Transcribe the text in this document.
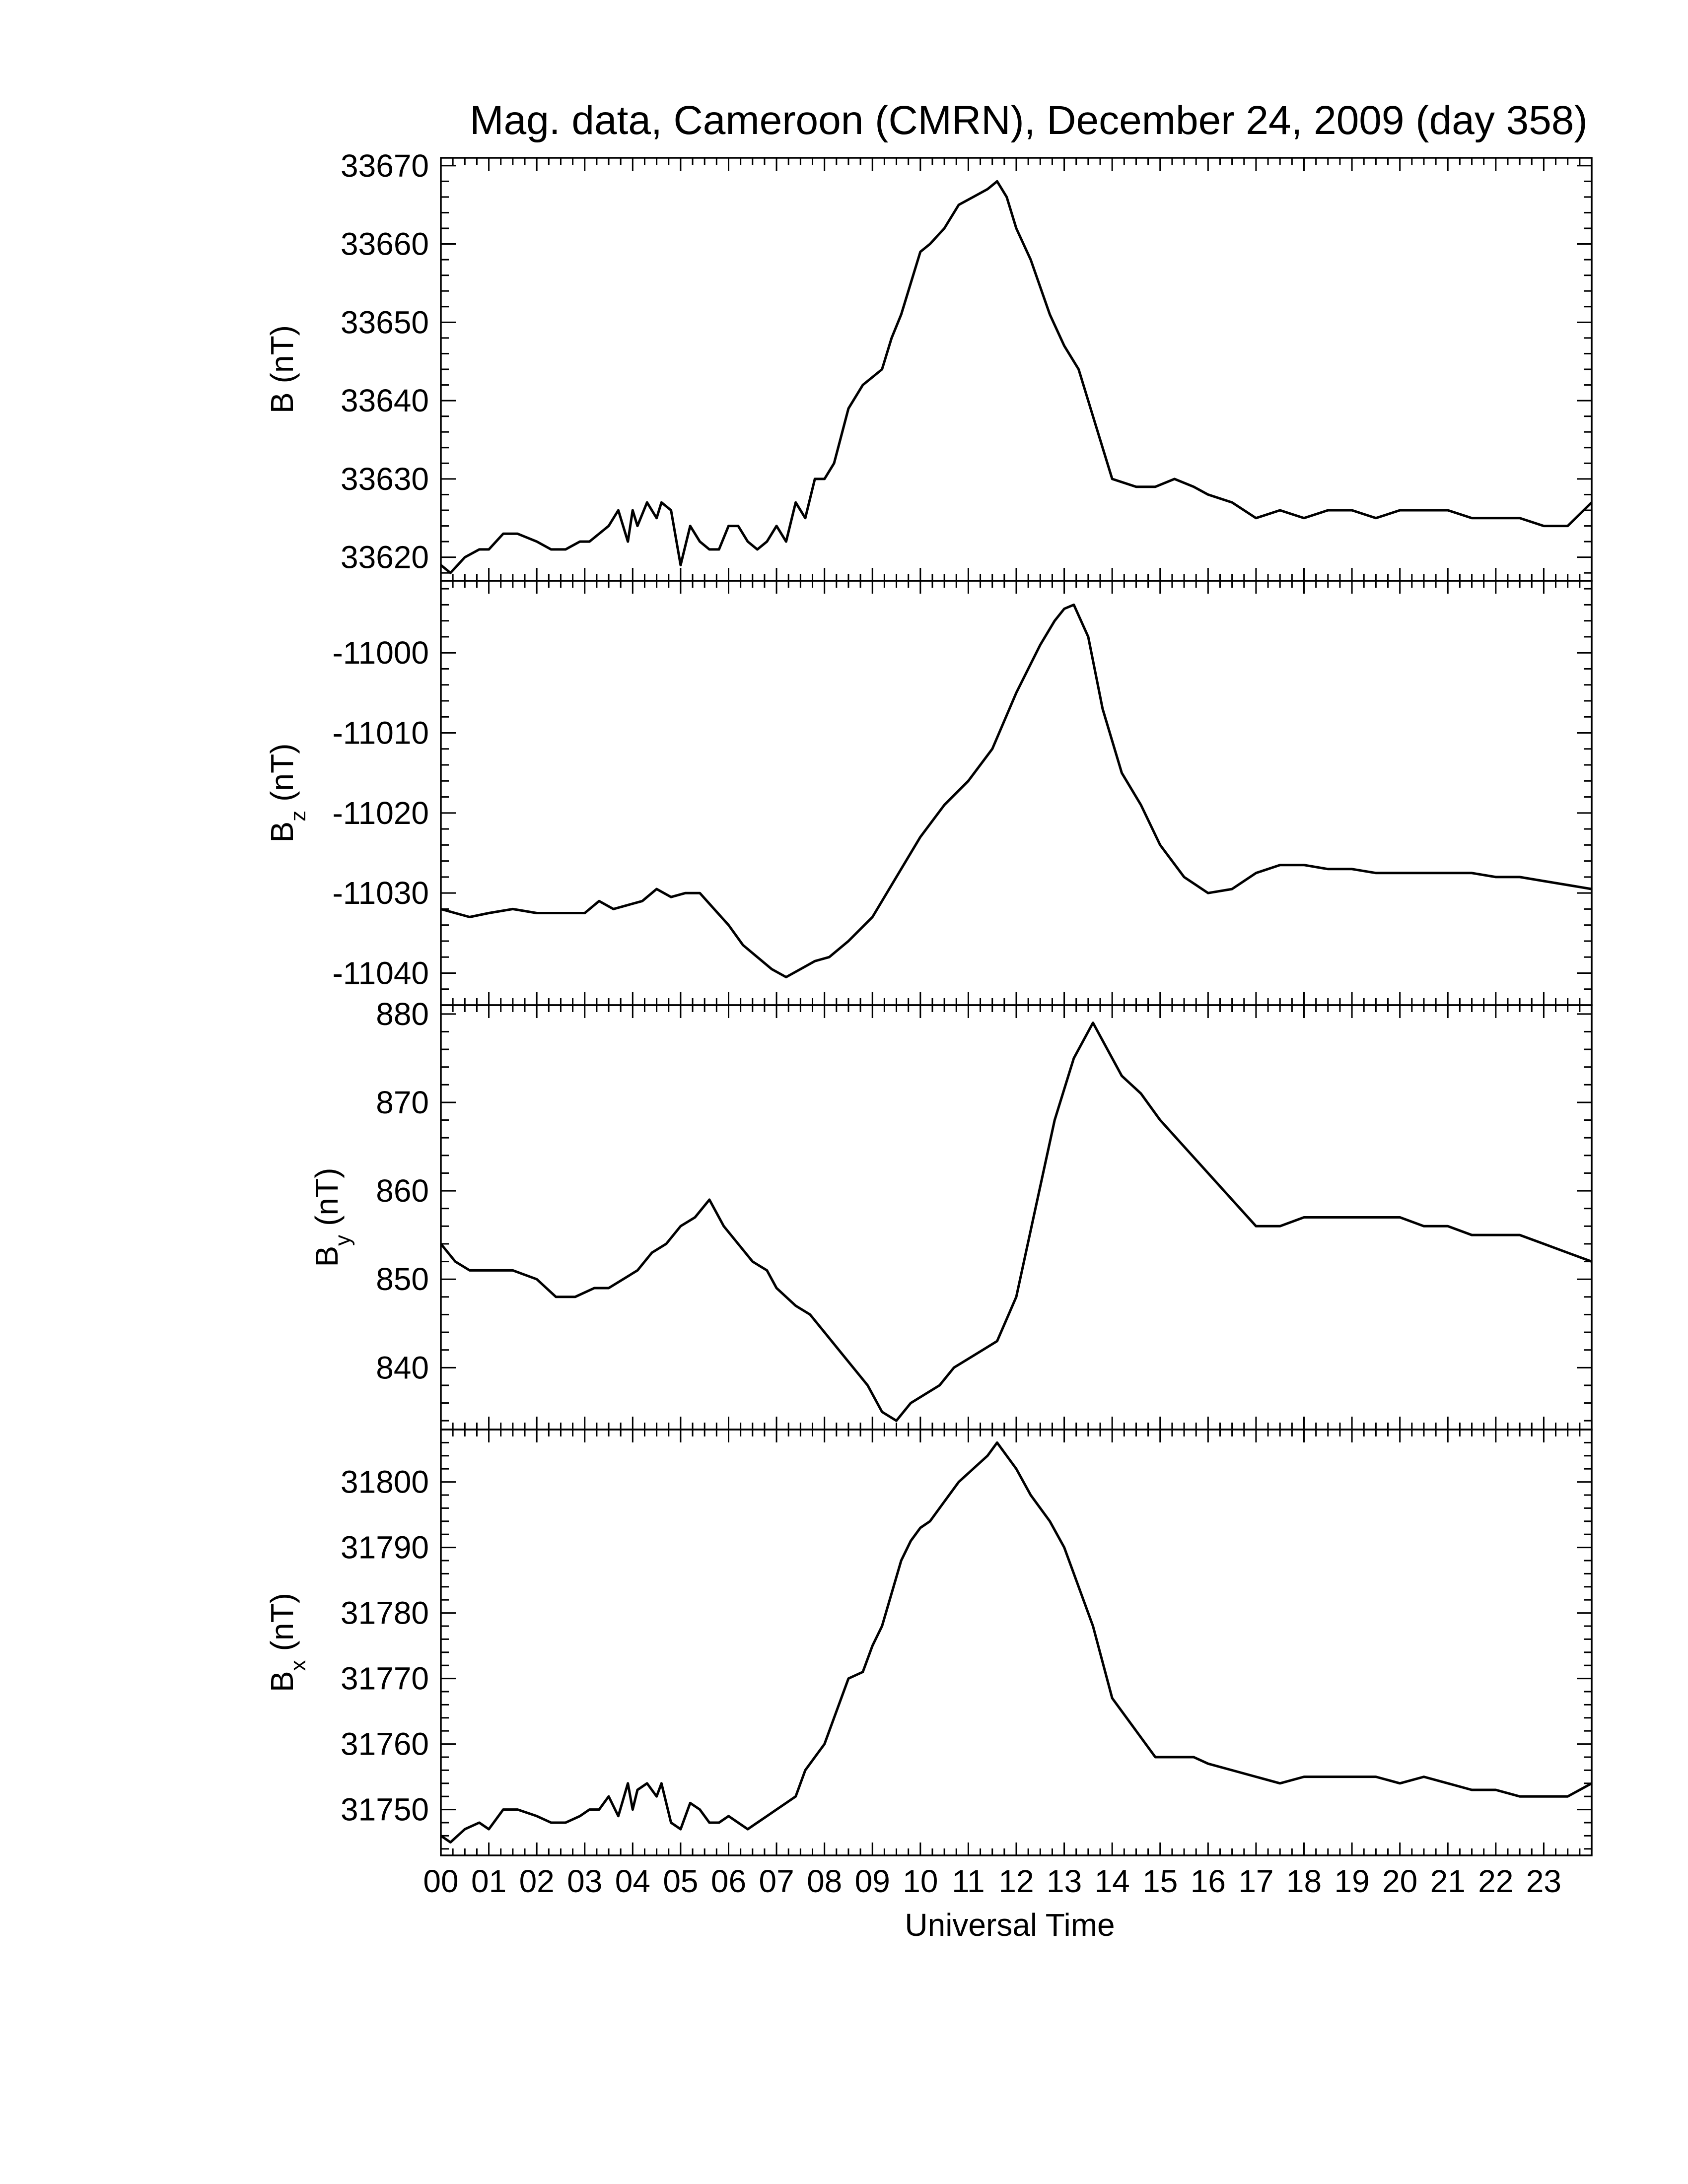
Mag. data, Cameroon (CMRN), December 24, 2009 (day 358)
33620
33630
33640
33650
33660
33670
B(nT)
-11040
-11030
-11020
-11010
-11000
$B_z(nT)$
840
850
860
870
880
$B_y(nT)$
31750
31760
31770
31780
31790
31800
$B_x(nT)$
00 01 02 03 04 05 06 07 08 09 10 11 12 13 14 15 16 17 18 19 20 21 22 23
Universal Time
